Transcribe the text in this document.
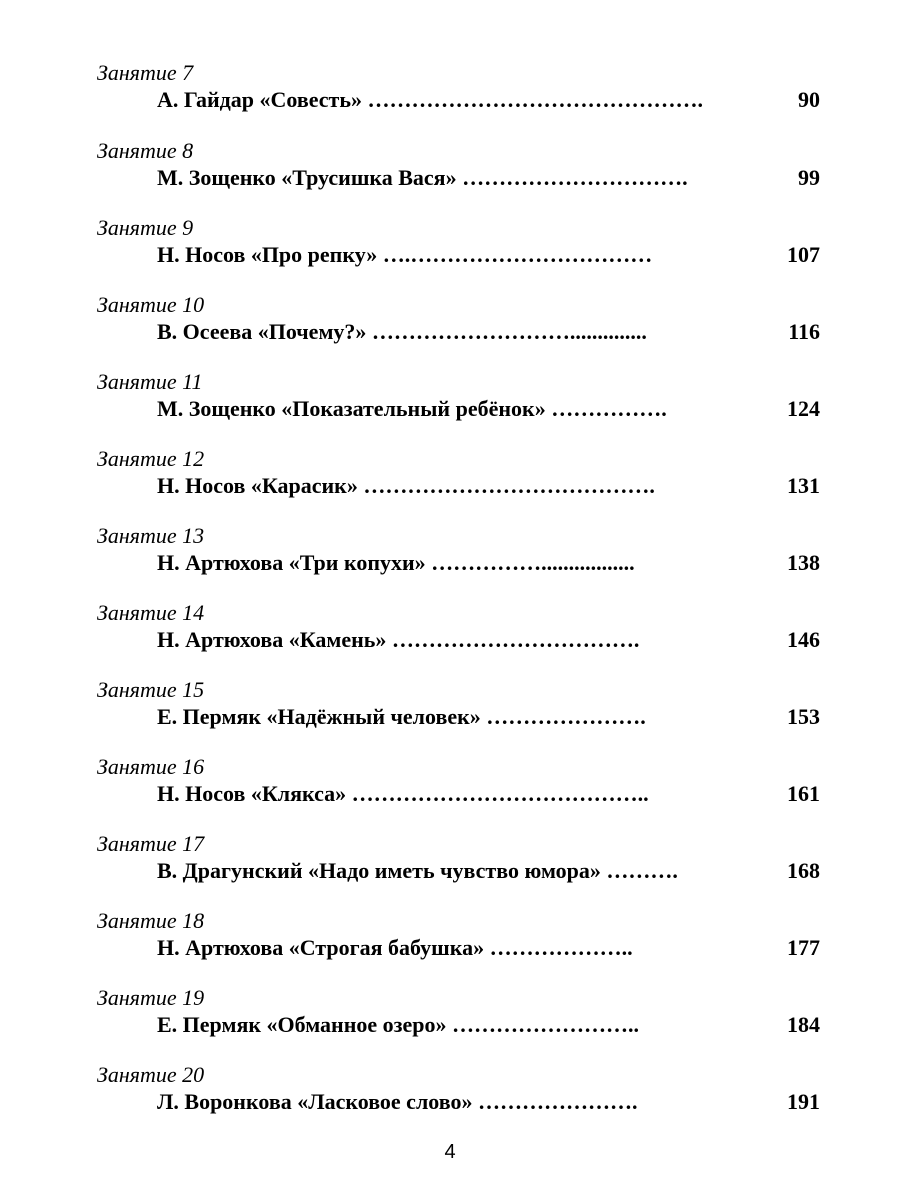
Занятие 7
А. Гайдар «Совесть» ……………………………………….	90
Занятие 8
М. Зощенко «Трусишка Вася» ………………………….	99
Занятие 9
Н. Носов «Про репку» ….……………………………	107
Занятие 10
В. Осеева «Почему?» ………………………..............	116
Занятие 11
М. Зощенко «Показательный ребёнок» …………….	124
Занятие 12
Н. Носов «Карасик» ………………………………….	131
Занятие 13
Н. Артюхова «Три копухи» …………….................	138
Занятие 14
Н. Артюхова «Камень» …………………………….	146
Занятие 15
Е. Пермяк «Надёжный человек» ………………….	153
Занятие 16
Н. Носов «Клякса» …………………………………..	161
Занятие 17
В. Драгунский «Надо иметь чувство юмора» ……….	168
Занятие 18
Н. Артюхова «Строгая бабушка» ………………..	177
Занятие 19
Е. Пермяк «Обманное озеро» ……………………..	184
Занятие 20
Л. Воронкова «Ласковое слово» ………………….	191
4
